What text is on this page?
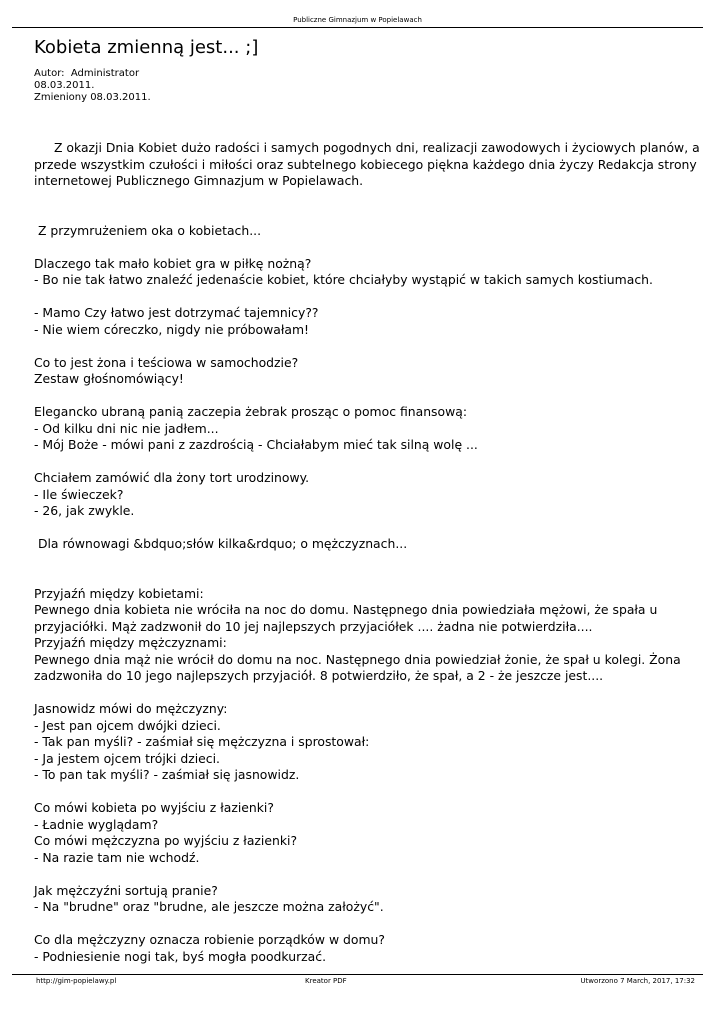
Publiczne Gimnazjum w Popielawach
Kobieta zmienną jest... ;]
Autor:  Administrator
08.03.2011.
Zmieniony 08.03.2011.

Z okazji Dnia Kobiet dużo radości i samych pogodnych dni, realizacji zawodowych i życiowych planów, a przede wszystkim czułości i miłości oraz subtelnego kobiecego piękna każdego dnia życzy Redakcja strony internetowej Publicznego Gimnazjum w Popielawach.

Z przymrużeniem oka o kobietach...

Dlaczego tak mało kobiet gra w piłkę nożną?
- Bo nie tak łatwo znaleźć jedenaście kobiet, które chciałyby wystąpić w takich samych kostiumach.

- Mamo Czy łatwo jest dotrzymać tajemnicy??
- Nie wiem córeczko, nigdy nie próbowałam!

Co to jest żona i teściowa w samochodzie?
Zestaw głośnomówiący!

Elegancko ubraną panią zaczepia żebrak prosząc o pomoc finansową:
- Od kilku dni nic nie jadłem...
- Mój Boże - mówi pani z zazdrością - Chciałabym mieć tak silną wolę ...

Chciałem zamówić dla żony tort urodzinowy.
- Ile świeczek?
- 26, jak zwykle.

Dla równowagi &bdquo;słów kilka&rdquo; o mężczyznach...

Przyjaźń między kobietami:
Pewnego dnia kobieta nie wróciła na noc do domu. Następnego dnia powiedziała mężowi, że spała u przyjaciółki. Mąż zadzwonił do 10 jej najlepszych przyjaciółek .... żadna nie potwierdziła....
Przyjaźń między mężczyznami:
Pewnego dnia mąż nie wrócił do domu na noc. Następnego dnia powiedział żonie, że spał u kolegi. Żona zadzwoniła do 10 jego najlepszych przyjaciół. 8 potwierdziło, że spał, a 2 - że jeszcze jest....

Jasnowidz mówi do mężczyzny:
- Jest pan ojcem dwójki dzieci.
- Tak pan myśli? - zaśmiał się mężczyzna i sprostował:
- Ja jestem ojcem trójki dzieci.
- To pan tak myśli? - zaśmiał się jasnowidz.

Co mówi kobieta po wyjściu z łazienki?
- Ładnie wyglądam?
Co mówi mężczyzna po wyjściu z łazienki?
- Na razie tam nie wchodź.

Jak mężczyźni sortują pranie?
- Na "brudne" oraz "brudne, ale jeszcze można założyć".

Co dla mężczyzny oznacza robienie porządków w domu?
- Podniesienie nogi tak, byś mogła poodkurzać.

http://gim-popielawy.pl	Kreator PDF	Utworzono 7 March, 2017, 17:32
